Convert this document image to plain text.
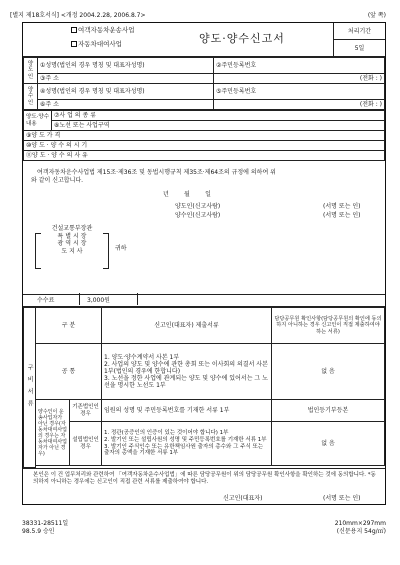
[별지 제18호서식] <개정 2004.2.28, 2006.8.7>	(앞 쪽)
여객자동차운송사업
자동차대여사업	양도·양수신고서
처리기간
5일
양도인	①성명(법인의 경우 명칭 및 대표자성명)	②주민등록번호
	③주 소	(전화 : )
양수인	④성명(법인의 경우 명칭 및 대표자성명)	⑤주민등록번호
	⑥주 소	(전화 : )
양도·양수내용	⑦사 업 의 종 류
⑧노선 또는 사업구역
⑨양 도 가 격
⑩양 도 · 양 수 의 시 기
⑪양 도 · 양 수 의 사 유

여객자동차운수사업법 제15조·제36조 및 동법시행규칙 제35조·제64조의 규정에 의하여 위

와 같이 신고합니다.

년        월        일

양도인(신고사람)

양수인(신고사람)

(서명 또는 인)

(서명 또는 인)

건설교통부장관
특 별 시 장
광 역 시 장
도 지 사	귀하

수수료	3,000원
구비서류	구 분		신고인(대표자) 제출서류	담당공무원 확인사항(담당공무원의 확인에 동의하지 아니하는 경우 신고인이 직접 제출하여야 하는 서류)
	공 통		1. 양도·양수계약서 사본 1부
2. 사업의 양도 및 양수에 관한 총회 또는 이사회의 의결서 사본 1부(법인의 경우에 한합니다)
3. 노선을 정한 사업에 관계되는 양도 및 양수에 있어서는 그 노선을 명시한 노선도 1부	없 음
	양수인이 운송사업자가 아닌 경우(자동차대여사업의 경우는 자동차대여사업자가 아닌 경우)	기존법인인 경우	임원의 성명 및 주민등록번호를 기재한 서류 1부	법인등기부등본
		설립법인인 경우	1. 정관(공증인의 인증이 있는 것이어야 합니다) 1부
2. 발기인 또는 설립사원의 성명 및 주민등록번호를 기재한 서류 1부
3. 발기인 주식인수 또는 유한책임사원 출자의 총수와 그 주식 또는 출자의 총액을 기재한 서류 1부	없 음

본인은 이 건 업무처리와 관련하여 「여객자동차운수사업법」에 따른 담당공무원이 위의 담당공무원 확인사항을 확인하는 것에 동의합니다. *동의하지 아니하는 경우에는 신고인이 직접 관련 서류를 제출하여야 합니다.

신고인(대표자)	(서명 또는 인)

38331-28511일
98.5.9 승인
210mm×297mm
(신문용지 54g/㎡)
